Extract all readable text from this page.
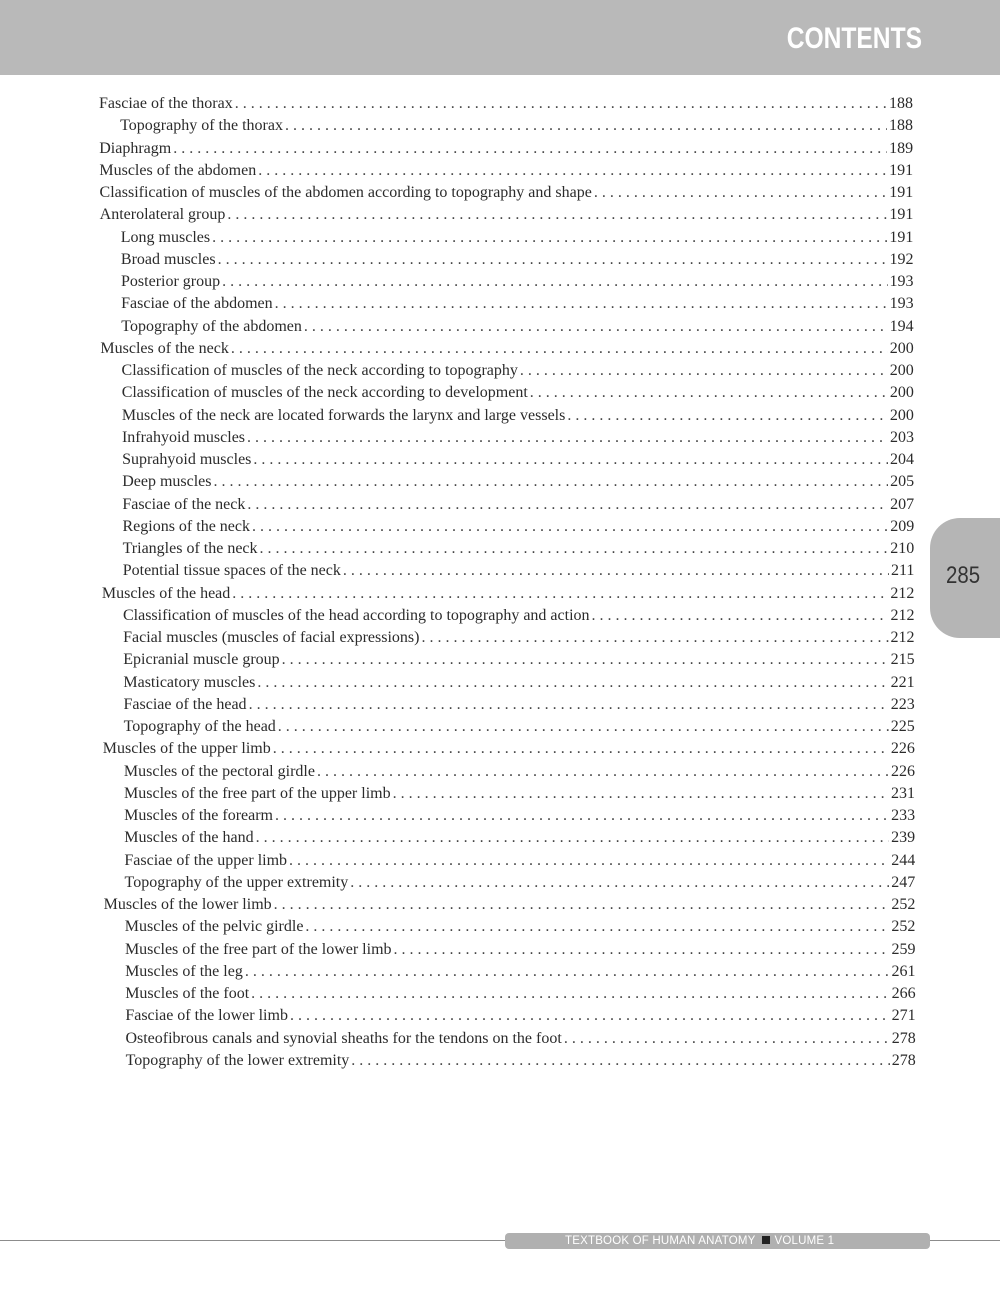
CONTENTS
285
Fasciae of the thorax . . .	188
Topography of the thorax . . .	188
Diaphragm . . .	189
Muscles of the abdomen . . .	191
Classification of muscles of the abdomen according to topography and shape . . .	191
Anterolateral group . . .	191
Long muscles . . .	191
Broad muscles . . .	192
Posterior group . . .	193
Fasciae of the abdomen . . .	193
Topography of the abdomen . . .	194
Muscles of the neck . . .	200
Classification of muscles of the neck according to topography . . .	200
Classification of muscles of the neck according to development . . .	200
Muscles of the neck are located forwards the larynx and large vessels . . .	200
Infrahyoid muscles . . .	203
Suprahyoid muscles . . .	204
Deep muscles . . .	205
Fasciae of the neck . . .	207
Regions of the neck . . .	209
Triangles of the neck . . .	210
Potential tissue spaces of the neck . . .	211
Muscles of the head . . .	212
Classification of muscles of the head according to topography and action . . .	212
Facial muscles (muscles of facial expressions) . . .	212
Epicranial muscle group . . .	215
Masticatory muscles . . .	221
Fasciae of the head . . .	223
Topography of the head . . .	225
Muscles of the upper limb . . .	226
Muscles of the pectoral girdle . . .	226
Muscles of the free part of the upper limb . . .	231
Muscles of the forearm . . .	233
Muscles of the hand . . .	239
Fasciae of the upper limb . . .	244
Topography of the upper extremity . . .	247
Muscles of the lower limb . . .	252
Muscles of the pelvic girdle . . .	252
Muscles of the free part of the lower limb . . .	259
Muscles of the leg . . .	261
Muscles of the foot . . .	266
Fasciae of the lower limb . . .	271
Osteofibrous canals and synovial sheaths for the tendons on the foot . . .	278
Topography of the lower extremity . . .	278
TEXTBOOK OF HUMAN ANATOMY VOLUME 1
